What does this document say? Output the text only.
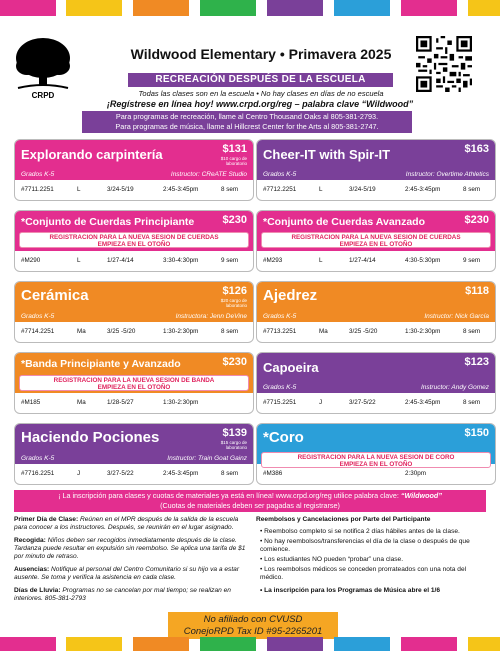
CRPD
Wildwood Elementary • Primavera 2025
RECREACIÓN DESPUÉS DE LA ESCUELA
Todas las clases son en la escuela • No hay clases en días de no escuela
¡Regístrese en línea hoy! www.crpd.org/reg – palabra clave “Wildwood”
Para programas de recreación, llame al Centro Thousand Oaks al 805-381-2793.
Para programas de música, llame al Hillcrest Center for the Arts al 805-381-2747.
Explorando carpintería	$131
$10 cargo de laboratorio
Grados K-5	Instructor: CReATE Studio
#7711.2251	L	3/24-5/19	2:45-3:45pm	8 sem
Cheer-IT with Spir-IT	$163
Grados K-5	Instructor: Overtime Athletics
#7712.2251	L	3/24-5/19	2:45-3:45pm	8 sem
*Conjunto de Cuerdas Principiante	$230
REGISTRACION PARA LA NUEVA SESION DE CUERDAS
EMPIEZA EN EL OTOÑO
#M290	L	1/27-4/14	3:30-4:30pm	9 sem
*Conjunto de Cuerdas Avanzado	$230
REGISTRACION PARA LA NUEVA SESION DE CUERDAS
EMPIEZA EN EL OTOÑO
#M293	L	1/27-4/14	4:30-5:30pm	9 sem
Cerámica	$126
$20 cargo de laboratorio
Grados K-5	Instructora: Jenn DeVine
#7714.2251	Ma	3/25 -5/20	1:30-2:30pm	8 sem
Ajedrez	$118
Grados K-5	Instructor: Nick García
#7713.2251	Ma	3/25 -5/20	1:30-2:30pm	8 sem
*Banda Principiante y Avanzado	$230
REGISTRACION PARA LA NUEVA SESION DE BANDA
EMPIEZA EN EL OTOÑO
#M185	Ma	1/28-5/27	1:30-2:30pm
Capoeira	$123
Grados K-5	Instructor: Andy Gomez
#7715.2251	J	3/27-5/22	2:45-3:45pm	8 sem
Haciendo Pociones	$139
$15 cargo de laboratorio
Grados K-5	Instructor: Train Goat Gainz
#7716.2251	J	3/27-5/22	2:45-3:45pm	8 sem
*Coro	$150
REGISTRACION PARA LA NUEVA SESION DE CORO
EMPIEZA EN EL OTOÑO
#M386	2:30pm
¡ La inscripción para clases y cuotas de materiales ya está en línea! www.crpd.org/reg utilice palabra clave: “Wildwood”
(Cuotas de materiales deben ser pagadas al registrarse)

Primer Día de Clase: Reúnen en el MPR después de la salida de la escuela para conocer a los instructores. Después, se reunirán en el lugar asignado.

Recogida: Niños deben ser recogidos inmediatamente después de la clase. Tardanza puede resultar en expulsión sin reembolso. Se aplica una tarifa de $1 por minuto de retraso.

Ausencias: Notifique al personal del Centro Comunitario si su hijo va a estar ausente. Se toma y verifica la asistencia en cada clase.

Días de Lluvia: Programas no se cancelan por mal tiempo; se realizan en interiores. 805-381-2793

Reembolsos y Cancelaciones por Parte del Participante
• Reembolso completo si se notifica 2 días hábiles antes de la clase.
• No hay reembolsos/transferencias el día de la clase o después de que comience.
• Los estudiantes NO pueden “probar” una clase.
• Los reembolsos médicos se conceden prorrateados con una nota del médico.
• La inscripción para los Programas de Música abre el 1/6
No afiliado con CVUSD
ConejoRPD Tax ID #95-2265201
